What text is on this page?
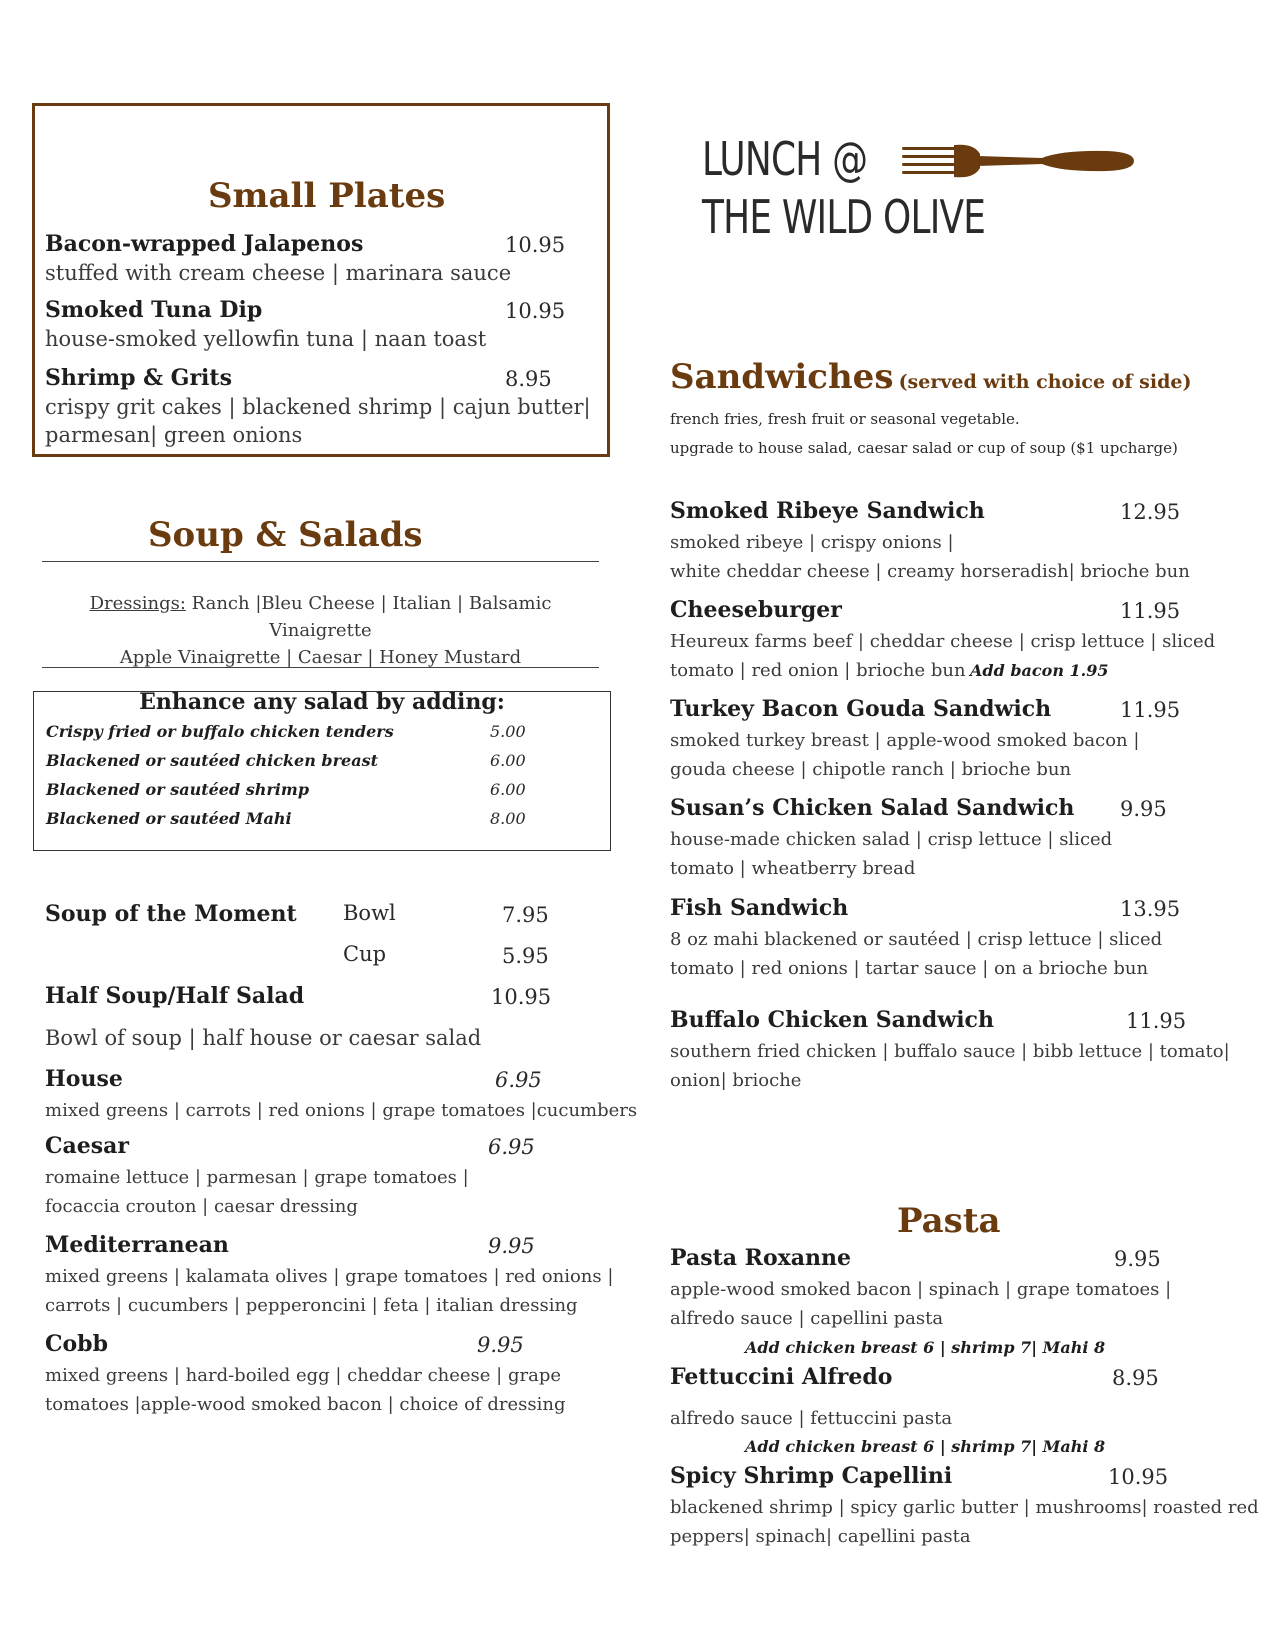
Small Plates
Bacon-wrapped Jalapenos	10.95
stuffed with cream cheese | marinara sauce
Smoked Tuna Dip	10.95
house-smoked yellowfin tuna | naan toast
Shrimp & Grits	8.95
crispy grit cakes | blackened shrimp | cajun butter|
parmesan| green onions
Soup & Salads
Dressings: Ranch |Bleu Cheese | Italian | Balsamic Vinaigrette
Apple Vinaigrette | Caesar | Honey Mustard
Enhance any salad by adding:
Crispy fried or buffalo chicken tenders	5.00
Blackened or sautéed chicken breast	6.00
Blackened or sautéed shrimp	6.00
Blackened or sautéed Mahi	8.00
Soup of the Moment Bowl	7.95
Cup	5.95
Half Soup/Half Salad	10.95
Bowl of soup | half house or caesar salad
House	6.95
mixed greens | carrots | red onions | grape tomatoes |cucumbers
Caesar	6.95
romaine lettuce | parmesan | grape tomatoes |
focaccia crouton | caesar dressing
Mediterranean	9.95
mixed greens | kalamata olives | grape tomatoes | red onions |
carrots | cucumbers | pepperoncini | feta | italian dressing
Cobb	9.95
mixed greens | hard-boiled egg | cheddar cheese | grape
tomatoes |apple-wood smoked bacon | choice of dressing
LUNCH @
THE WILD OLIVE
Sandwiches (served with choice of side)
french fries, fresh fruit or seasonal vegetable.
upgrade to house salad, caesar salad or cup of soup ($1 upcharge)
Smoked Ribeye Sandwich	12.95
smoked ribeye | crispy onions |
white cheddar cheese | creamy horseradish| brioche bun
Cheeseburger	11.95
Heureux farms beef | cheddar cheese | crisp lettuce | sliced
tomato | red onion | brioche bun Add bacon 1.95
Turkey Bacon Gouda Sandwich	11.95
smoked turkey breast | apple-wood smoked bacon |
gouda cheese | chipotle ranch | brioche bun
Susan’s Chicken Salad Sandwich 9.95
house-made chicken salad | crisp lettuce | sliced
tomato | wheatberry bread
Fish Sandwich	13.95
8 oz mahi blackened or sautéed | crisp lettuce | sliced
tomato | red onions | tartar sauce | on a brioche bun
Buffalo Chicken Sandwich	11.95
southern fried chicken | buffalo sauce | bibb lettuce | tomato|
onion| brioche
Pasta
Pasta Roxanne	9.95
apple-wood smoked bacon | spinach | grape tomatoes |
alfredo sauce | capellini pasta
Add chicken breast 6 | shrimp 7| Mahi 8
Fettuccini Alfredo	8.95
alfredo sauce | fettuccini pasta
Add chicken breast 6 | shrimp 7| Mahi 8
Spicy Shrimp Capellini	10.95
blackened shrimp | spicy garlic butter | mushrooms| roasted red
peppers| spinach| capellini pasta
